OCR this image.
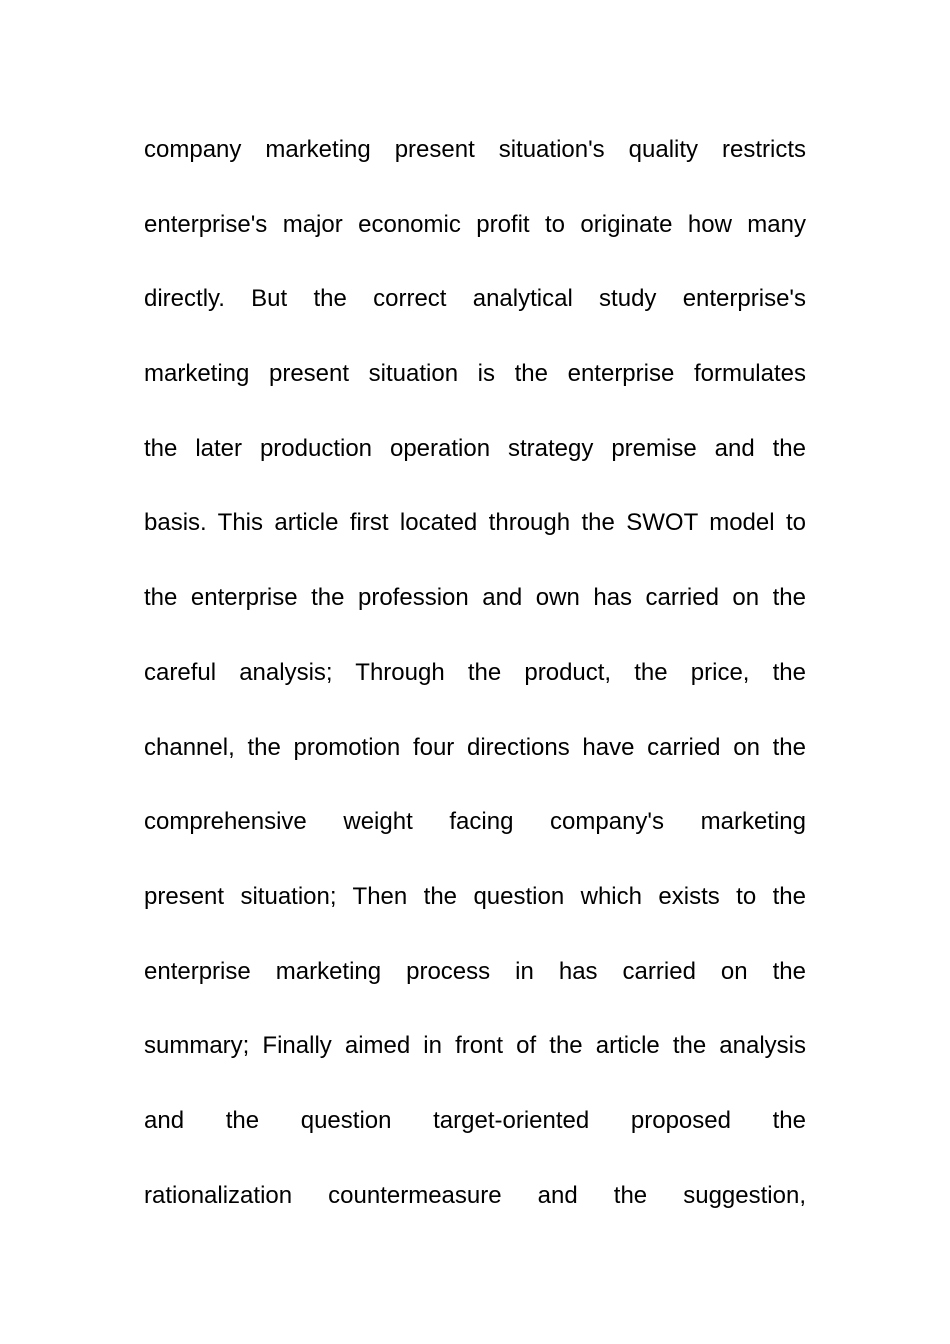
company marketing present situation's quality restricts
enterprise's major economic profit to originate how many
directly. But the correct analytical study enterprise's
marketing present situation is the enterprise formulates
the later production operation strategy premise and the
basis. This article first located through the SWOT model to
the enterprise the profession and own has carried on the
careful analysis; Through the product, the price, the
channel, the promotion four directions have carried on the
comprehensive weight facing company's marketing
present situation; Then the question which exists to the
enterprise marketing process in has carried on the
summary; Finally aimed in front of the article the analysis
and the question target-oriented proposed the
rationalization countermeasure and the suggestion,
